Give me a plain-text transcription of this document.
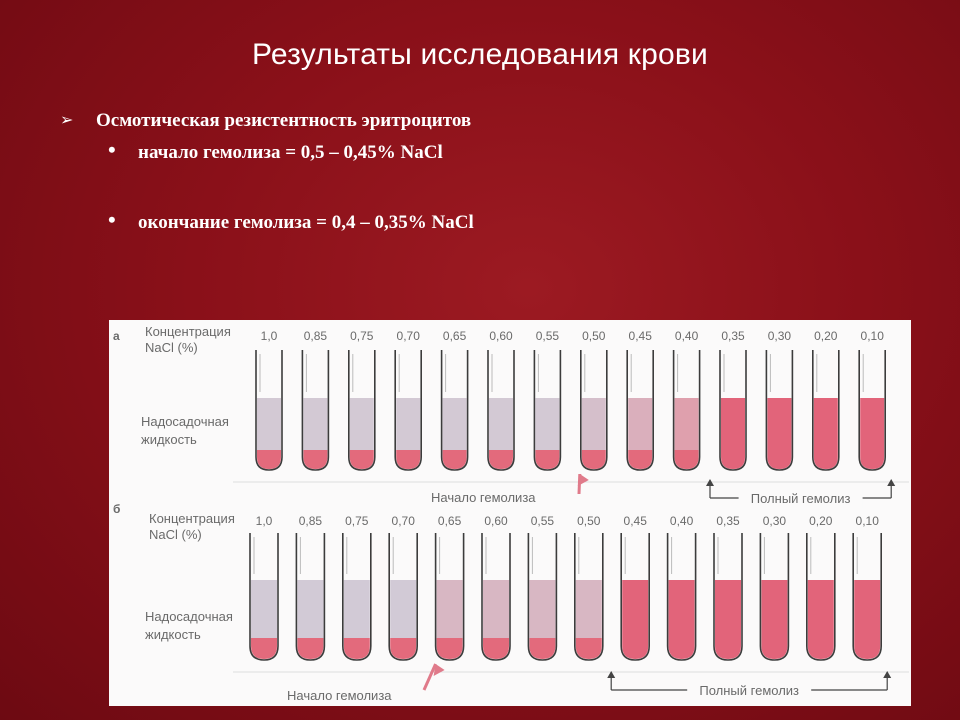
Результаты исследования крови
➢ Осмотическая резистентность эритроцитов
• начало гемолиза = 0,5 – 0,45% NaCl
• окончание гемолиза = 0,4 – 0,35% NaCl
а Концентрация
NaCl (%)
Надосадочная
жидкость
1,0 0,85 0,75 0,70 0,65 0,60 0,55 0,50 0,45 0,40 0,35 0,30 0,20 0,10
Начало гемолиза	Полный гемолиз
б
Концентрация
NaCl (%)
Надосадочная
жидкость
1,0 0,85 0,75 0,70 0,65 0,60 0,55 0,50 0,45 0,40 0,35 0,30 0,20 0,10
Начало гемолиза	Полный гемолиз
